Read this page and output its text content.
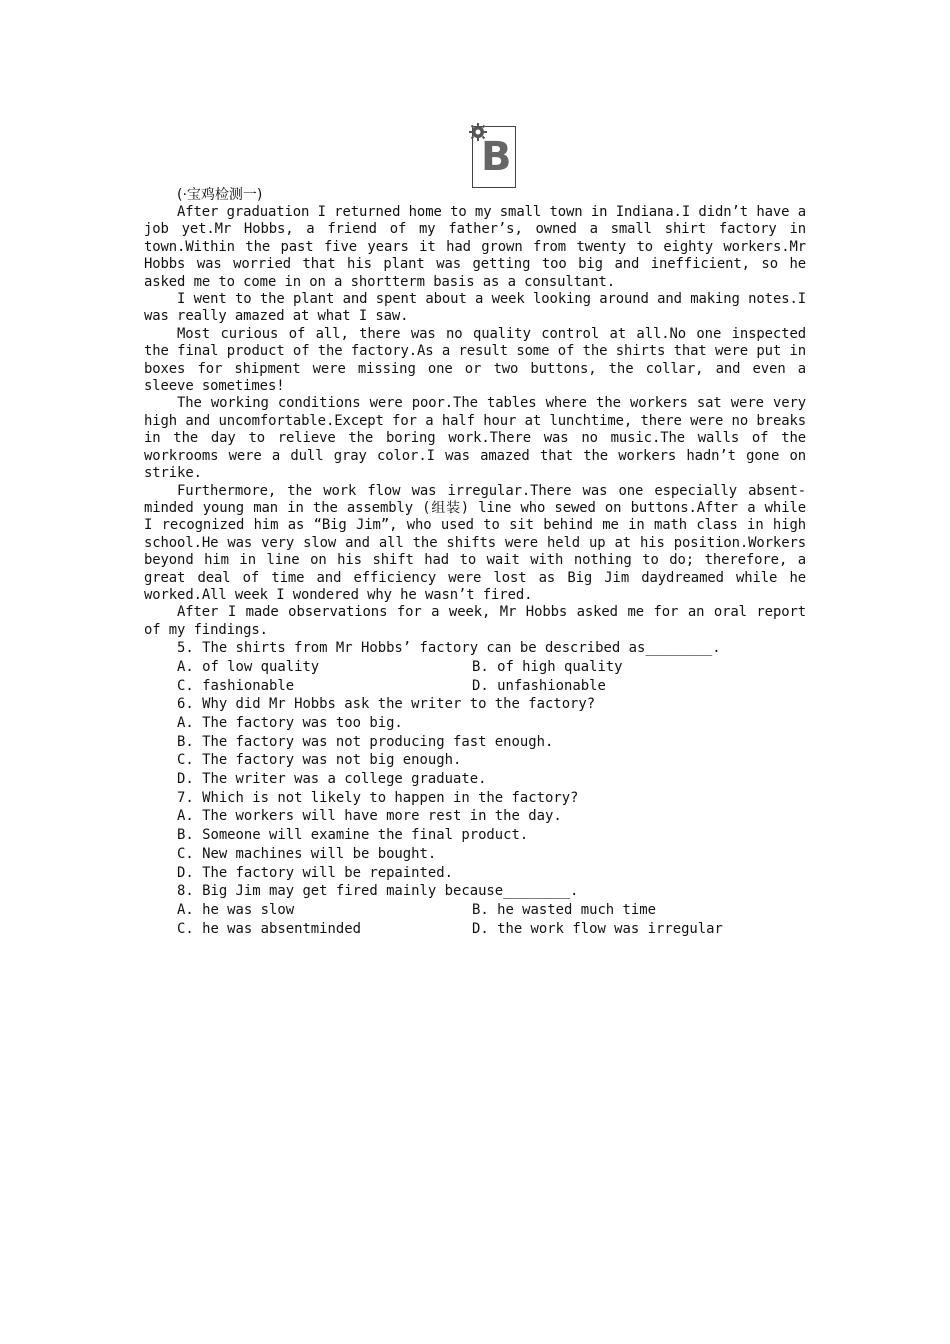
B
(·宝鸡检测一)

After graduation I returned home to my small town in Indiana.I didn’t have a job yet.Mr Hobbs, a friend of my father’s, owned a small shirt factory in town.Within the past five years it had grown from twenty to eighty workers.Mr Hobbs was worried that his plant was getting too big and inefficient, so he asked me to come in on a shortterm basis as a consultant.

I went to the plant and spent about a week looking around and making notes.I was really amazed at what I saw.

Most curious of all, there was no quality control at all.No one inspected the final product of the factory.As a result some of the shirts that were put in boxes for shipment were missing one or two buttons, the collar, and even a sleeve sometimes!

The working conditions were poor.The tables where the workers sat were very high and uncomfortable.Except for a half hour at lunchtime, there were no breaks in the day to relieve the boring work.There was no music.The walls of the workrooms were a dull gray color.I was amazed that the workers hadn’t gone on strike.

Furthermore, the work flow was irregular.There was one especially absent-minded young man in the assembly (组装) line who sewed on buttons.After a while I recognized him as “Big Jim”, who used to sit behind me in math class in high school.He was very slow and all the shifts were held up at his position.Workers beyond him in line on his shift had to wait with nothing to do; therefore, a great deal of time and efficiency were lost as Big Jim daydreamed while he worked.All week I wondered why he wasn’t fired.

After I made observations for a week, Mr Hobbs asked me for an oral report of my findings.

5. The shirts from Mr Hobbs’ factory can be described as________.
A. of low quality	B. of high quality
C. fashionable	D. unfashionable
6. Why did Mr Hobbs ask the writer to the factory?
A. The factory was too big.
B. The factory was not producing fast enough.
C. The factory was not big enough.
D. The writer was a college graduate.
7. Which is not likely to happen in the factory?
A. The workers will have more rest in the day.
B. Someone will examine the final product.
C. New machines will be bought.
D. The factory will be repainted.
8. Big Jim may get fired mainly because________.
A. he was slow	B. he wasted much time
C. he was absentminded	D. the work flow was irregular
